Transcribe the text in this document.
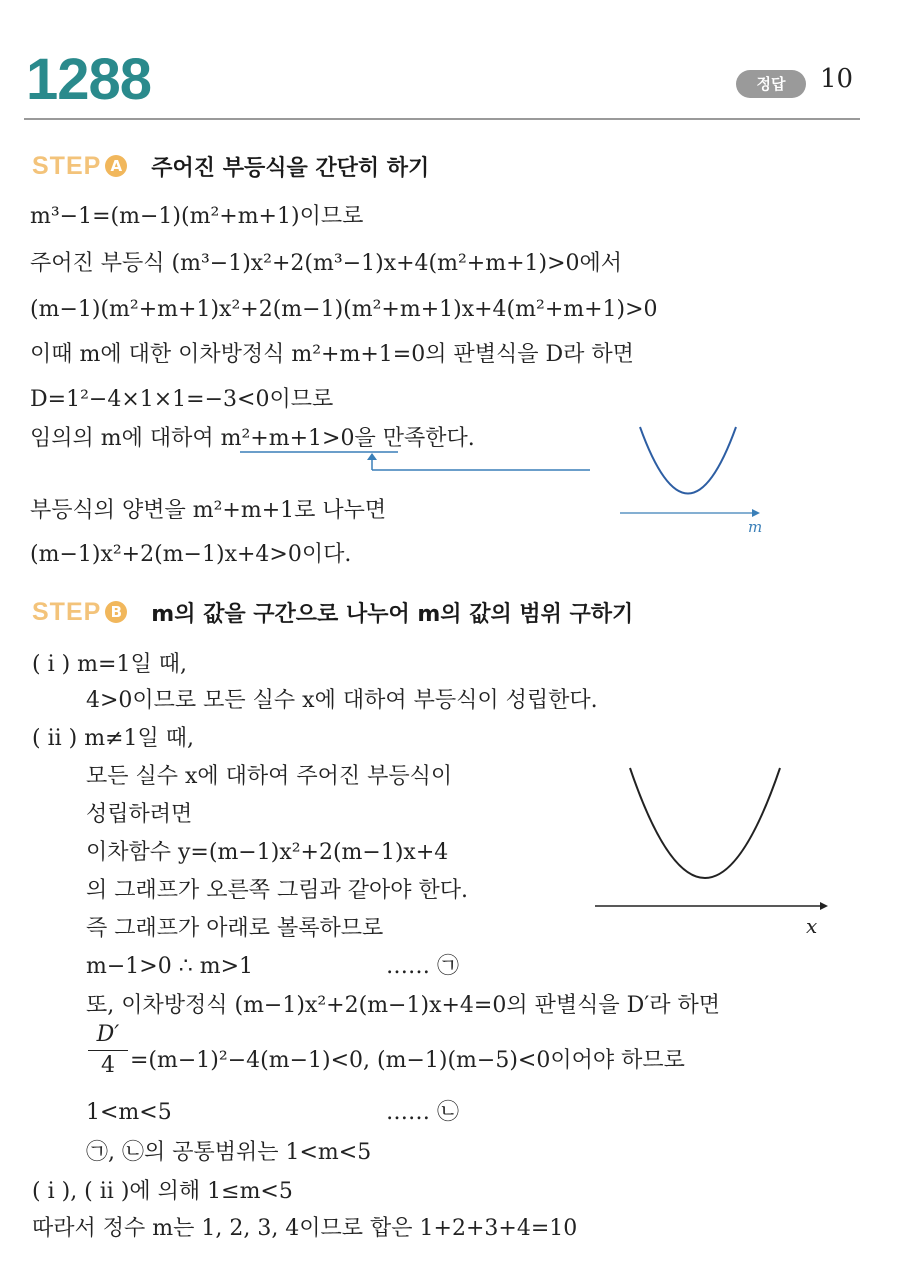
1288	정답	10
STEP A 주어진 부등식을 간단히 하기
m³−1=(m−1)(m²+m+1)이므로
주어진 부등식 (m³−1)x²+2(m³−1)x+4(m²+m+1)>0에서
(m−1)(m²+m+1)x²+2(m−1)(m²+m+1)x+4(m²+m+1)>0
이때 m에 대한 이차방정식 m²+m+1=0의 판별식을 D라 하면
D=1²−4×1×1=−3<0이므로
임의의 m에 대하여 m²+m+1>0을 만족한다.
부등식의 양변을 m²+m+1로 나누면
(m−1)x²+2(m−1)x+4>0이다.
m
STEP B m의 값을 구간으로 나누어 m의 값의 범위 구하기
( i ) m=1일 때,
4>0이므로 모든 실수 x에 대하여 부등식이 성립한다.
( ii ) m≠1일 때,
모든 실수 x에 대하여 주어진 부등식이
성립하려면
이차함수 y=(m−1)x²+2(m−1)x+4
의 그래프가 오른쪽 그림과 같아야 한다.
즉 그래프가 아래로 볼록하므로
m−1>0 ∴ m>1	…… ㉠
또, 이차방정식 (m−1)x²+2(m−1)x+4=0의 판별식을 D′라 하면
$\frac{D'}{4} =(m-1)^2-4(m-1)<0$, (m−1)(m−5)<0이어야 하므로
1<m<5	…… ㉡
㉠, ㉡의 공통범위는 1<m<5
( i ), ( ii )에 의해 1≤m<5
따라서 정수 m는 1, 2, 3, 4이므로 합은 1+2+3+4=10
x
